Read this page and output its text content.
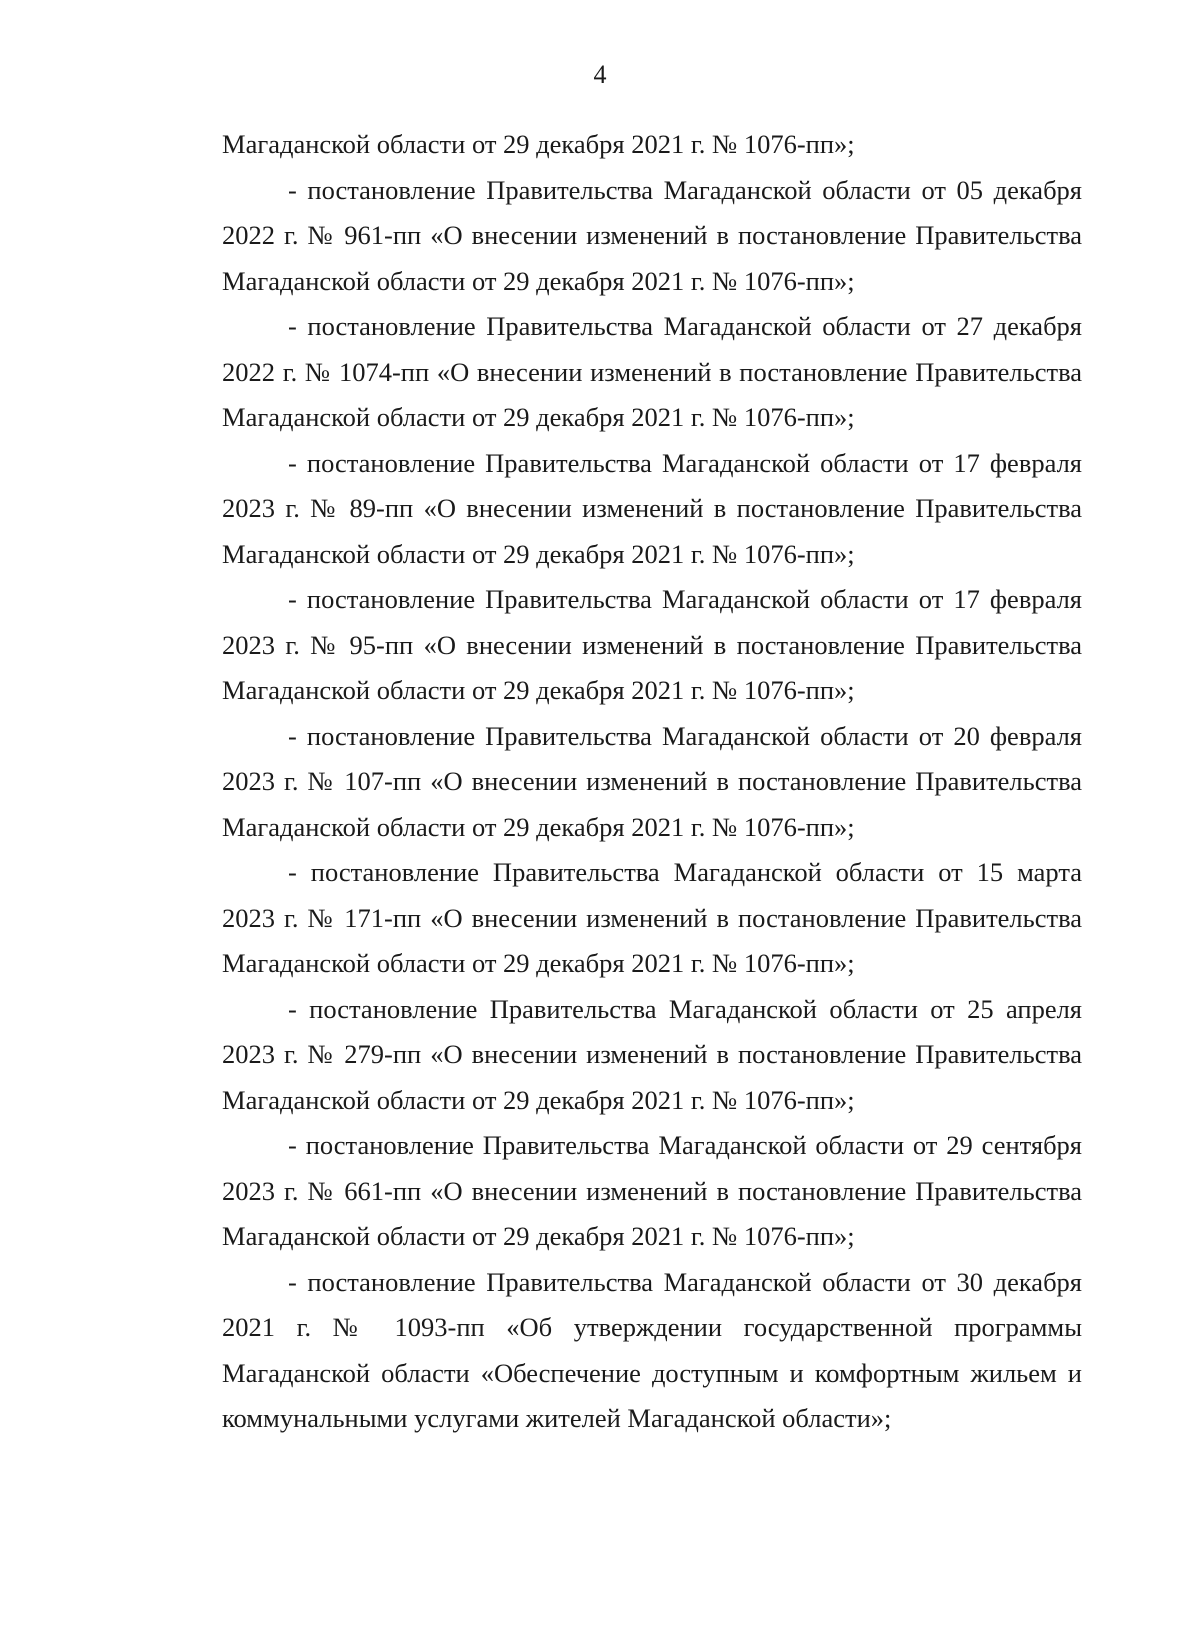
4

Магаданской области от 29 декабря 2021 г. № 1076-пп»;

- постановление Правительства Магаданской области от 05 декабря 2022 г. № 961-пп «О внесении изменений в постановление Правительства Магаданской области от 29 декабря 2021 г. № 1076-пп»;

- постановление Правительства Магаданской области от 27 декабря 2022 г. № 1074-пп «О внесении изменений в постановление Правительства Магаданской области от 29 декабря 2021 г. № 1076-пп»;

- постановление Правительства Магаданской области от 17 февраля 2023 г. № 89-пп «О внесении изменений в постановление Правительства Магаданской области от 29 декабря 2021 г. № 1076-пп»;

- постановление Правительства Магаданской области от 17 февраля 2023 г. № 95-пп «О внесении изменений в постановление Правительства Магаданской области от 29 декабря 2021 г. № 1076-пп»;

- постановление Правительства Магаданской области от 20 февраля 2023 г. № 107-пп «О внесении изменений в постановление Правительства Магаданской области от 29 декабря 2021 г. № 1076-пп»;

- постановление Правительства Магаданской области от 15 марта 2023 г. № 171-пп «О внесении изменений в постановление Правительства Магаданской области от 29 декабря 2021 г. № 1076-пп»;

- постановление Правительства Магаданской области от 25 апреля 2023 г. № 279-пп «О внесении изменений в постановление Правительства Магаданской области от 29 декабря 2021 г. № 1076-пп»;

- постановление Правительства Магаданской области от 29 сентября 2023 г. № 661-пп «О внесении изменений в постановление Правительства Магаданской области от 29 декабря 2021 г. № 1076-пп»;

- постановление Правительства Магаданской области от 30 декабря 2021 г. № 1093-пп «Об утверждении государственной программы Магаданской области «Обеспечение доступным и комфортным жильем и коммунальными услугами жителей Магаданской области»;
